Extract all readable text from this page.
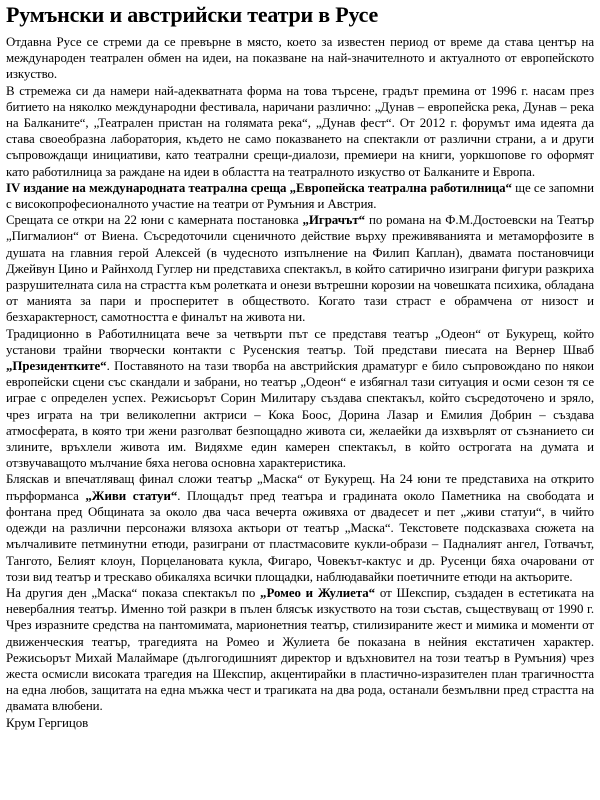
Румънски и австрийски театри в Русе

Отдавна Русе се стреми да се превърне в място, което за известен период от време да става център на международен театрален обмен на идеи, на показване на най-значителното и актуалното от европейското изкуство.

В стремежа си да намери най-адекватната форма на това търсене, градът премина от 1996 г. насам през битието на няколко международни фестивала, наричани различно: „Дунав – европейска река, Дунав – река на Балканите“, „Театрален пристан на голямата река“, „Дунав фест“. От 2012 г. форумът има идеята да става своеобразна лаборатория, където не само показването на спектакли от различни страни, а и други съпровождащи инициативи, като театрални срещи-диалози, премиери на книги, уоркшопове го оформят като работилница за раждане на идеи в областта на театралното изкуство от Балканите и Европа.

IV издание на международната театрална среща „Европейска театрална работилница“ ще се запомни с високопрофесионалното участие на театри от Румъния и Австрия.

Срещата се откри на 22 юни с камерната постановка „Играчът“ по романа на Ф.М.Достоевски на Театър „Пигмалион“ от Виена. Съсредоточили сценичното действие върху преживяванията и метаморфозите в душата на главния герой Алексей (в чудесното изпълнение на Филип Каплан), двамата постановчици Джейвун Цино и Райнхолд Гуглер ни представиха спектакъл, в който сатирично изиграни фигури разкриха разрушителната сила на страстта към ролетката и онези вътрешни корозии на човешката психика, обладана от манията за пари и просперитет в обществото. Когато тази страст е обрамчена от низост и безхарактерност, самотността е финалът на живота ни.

Традиционно в Работилницата вече за четвърти път се представя театър „Одеон“ от Букурещ, който установи трайни творчески контакти с Русенския театър. Той представи пиесата на Вернер Шваб „Президентките“. Поставяното на тази творба на австрийския драматург е било съпровождано по някои европейски сцени със скандали и забрани, но театър „Одеон“ е избягнал тази ситуация и осми сезон тя се играе с определен успех. Режисьорът Сорин Милитару създава спектакъл, който съсредоточено и зряло, чрез играта на три великолепни актриси – Кока Боос, Дорина Лазар и Емилия Добрин – създава атмосферата, в която три жени разголват безпощадно живота си, желаейки да изхвърлят от съзнанието си злините, връхлели живота им. Видяхме един камерен спектакъл, в който острогата на думата и отзвучаващото мълчание бяха негова основна характеристика.

Бляскав и впечатляващ финал сложи театър „Маска“ от Букурещ. На 24 юни те представиха на открито пърформанса „Живи статуи“. Площадът пред театъра и градината около Паметника на свободата и фонтана пред Общината за около два часа вечерта оживяха от двадесет и пет „живи статуи“, в чийто одежди на различни персонажи влязоха актьори от театър „Маска“. Текстовете подсказваха сюжета на мълчаливите петминутни етюди, разиграни от пластмасовите кукли-образи – Падналият ангел, Готвачът, Тангото, Белият клоун, Порцелановата кукла, Фигаро, Човекът-кактус и др. Русенци бяха очаровани от този вид театър и трескаво обикаляха всички площадки, наблюдавайки поетичните етюди на актьорите.

На другия ден „Маска“ показа спектакъл по „Ромео и Жулиета“ от Шекспир, създаден в естетиката на невербалния театър. Именно той разкри в пълен блясък изкуството на този състав, съществуващ от 1990 г. Чрез изразните средства на пантомимата, марионетния театър, стилизираните жест и мимика и моменти от движенческия театър, трагедията на Ромео и Жулиета бе показана в нейния екстатичен характер. Режисьорът Михай Малаймаре (дългогодишният директор и вдъхновител на този театър в Румъния) чрез жеста осмисли високата трагедия на Шекспир, акцентирайки в пластично-изразителен план трагичността на една любов, защитата на една мъжка чест и трагиката на два рода, останали безмълвни пред страстта на двамата влюбени.

Крум Гергицов
